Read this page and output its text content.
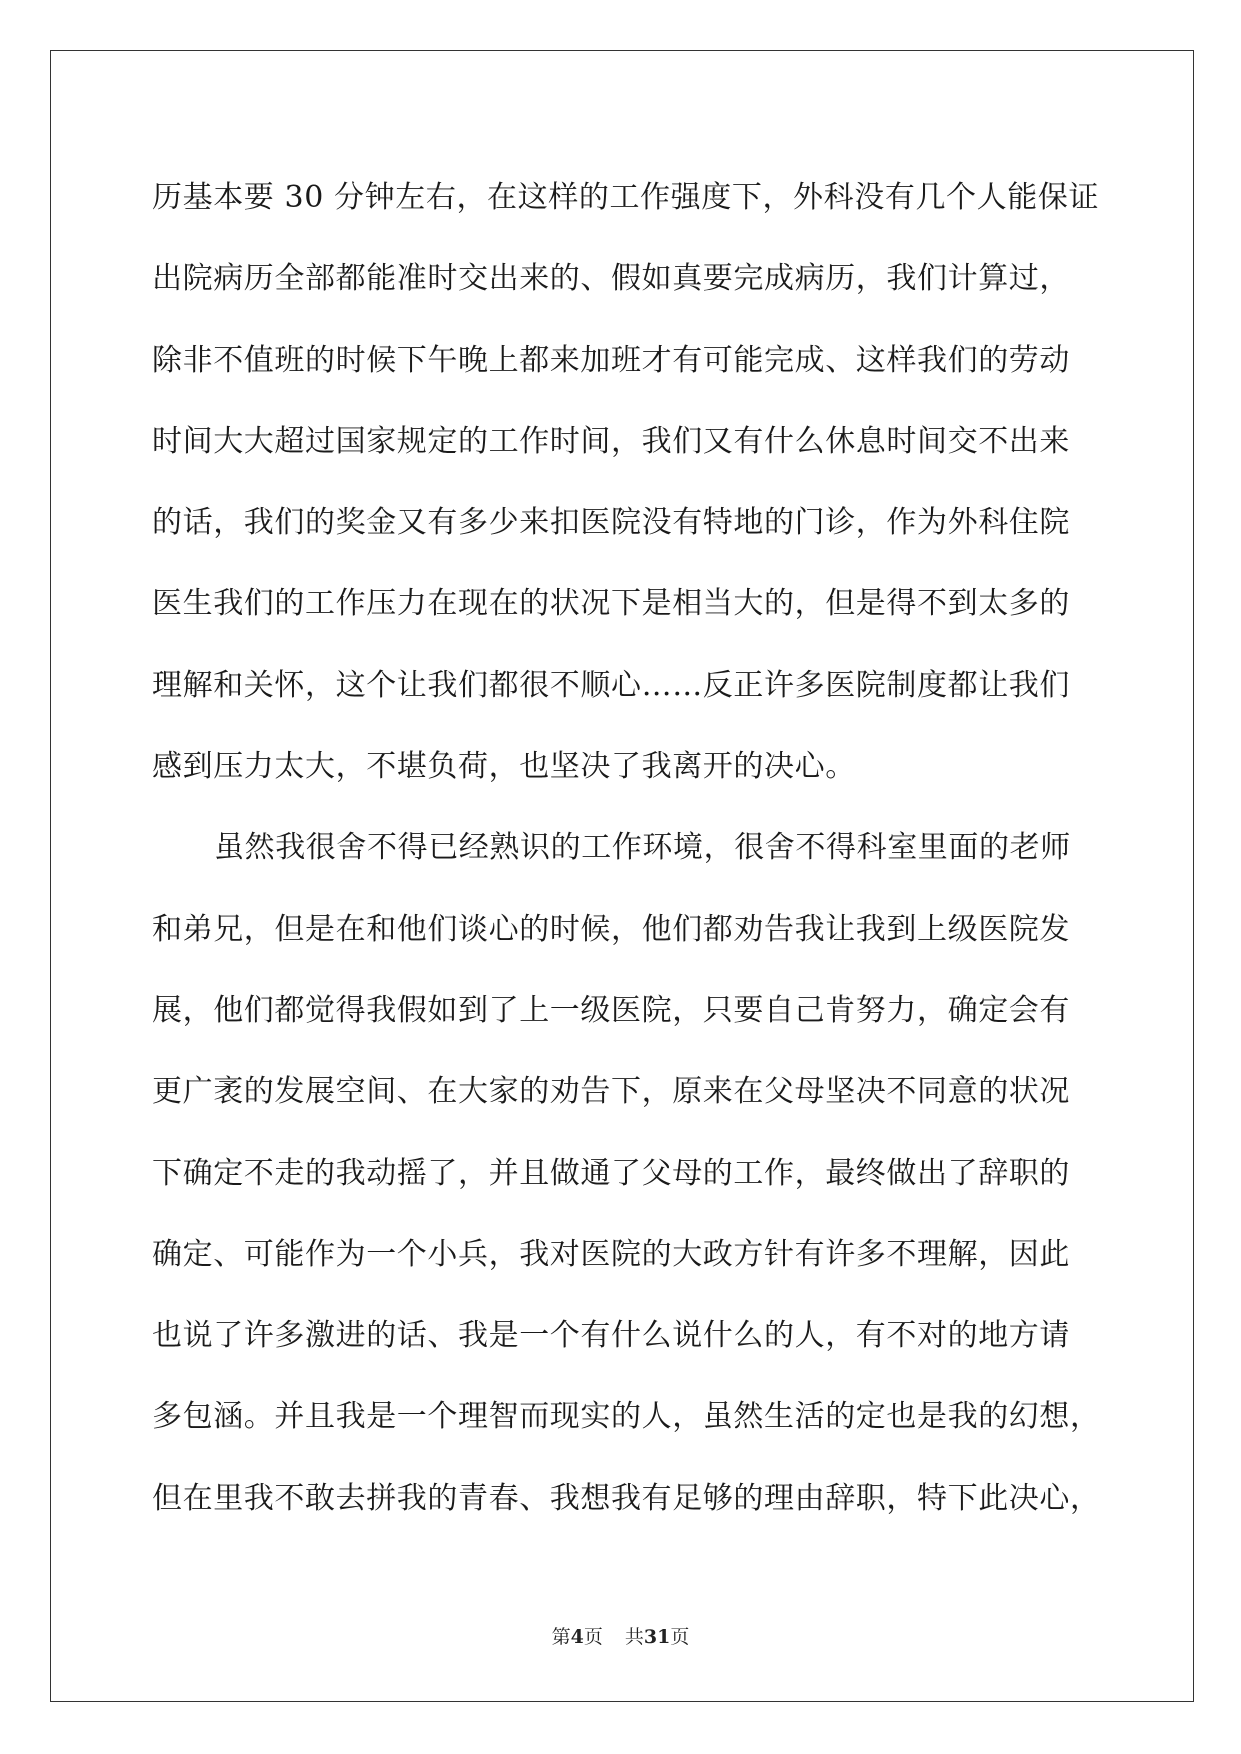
历基本要 30 分钟左右，在这样的工作强度下，外科没有几个人能保证
出院病历全部都能准时交出来的、假如真要完成病历，我们计算过，
除非不值班的时候下午晚上都来加班才有可能完成、这样我们的劳动
时间大大超过国家规定的工作时间，我们又有什么休息时间交不出来
的话，我们的奖金又有多少来扣医院没有特地的门诊，作为外科住院
医生我们的工作压力在现在的状况下是相当大的，但是得不到太多的
理解和关怀，这个让我们都很不顺心……反正许多医院制度都让我们
感到压力太大，不堪负荷，也坚决了我离开的决心。
虽然我很舍不得已经熟识的工作环境，很舍不得科室里面的老师
和弟兄，但是在和他们谈心的时候，他们都劝告我让我到上级医院发
展，他们都觉得我假如到了上一级医院，只要自己肯努力，确定会有
更广袤的发展空间、在大家的劝告下，原来在父母坚决不同意的状况
下确定不走的我动摇了，并且做通了父母的工作，最终做出了辞职的
确定、可能作为一个小兵，我对医院的大政方针有许多不理解，因此
也说了许多激进的话、我是一个有什么说什么的人，有不对的地方请
多包涵。并且我是一个理智而现实的人，虽然生活的定也是我的幻想，
但在里我不敢去拼我的青春、我想我有足够的理由辞职，特下此决心，
第4页 共31页
